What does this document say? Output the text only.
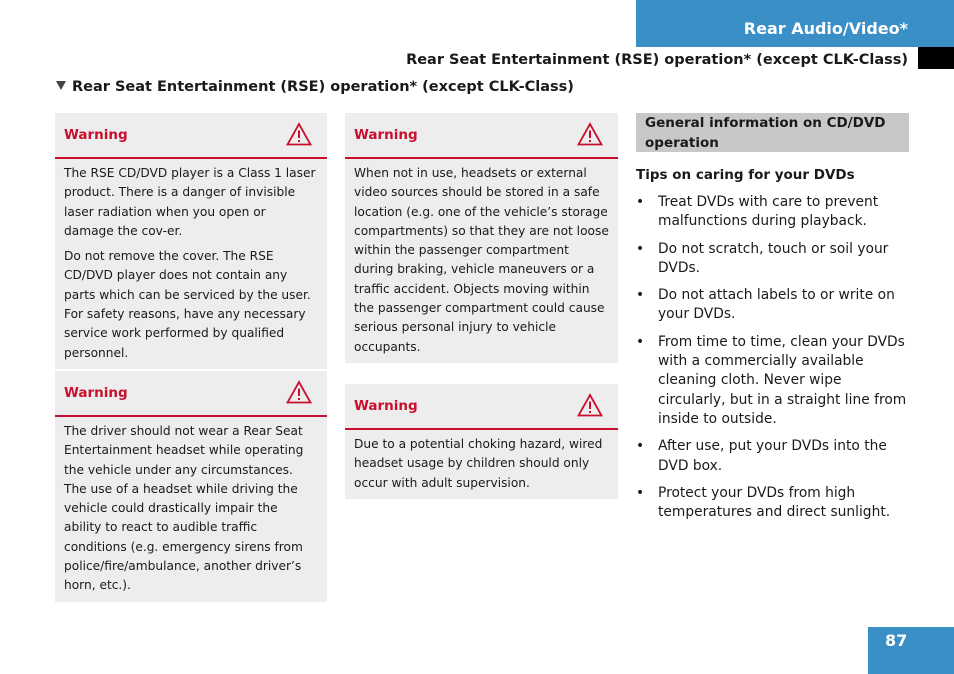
Rear Audio/Video*
Rear Seat Entertainment (RSE) operation* (except CLK-Class)
Rear Seat Entertainment (RSE) operation* (except CLK-Class)
Warning

The RSE CD/DVD player is a Class 1 laser product. There is a danger of invisible laser radiation when you open or damage the cov-er.

Do not remove the cover. The RSE CD/DVD player does not contain any parts which can be serviced by the user. For safety reasons, have any necessary service work performed by qualified personnel.

Warning

The driver should not wear a Rear Seat Entertainment headset while operating the vehicle under any circumstances. The use of a headset while driving the vehicle could drastically impair the ability to react to audible traffic conditions (e.g. emergency sirens from police/fire/ambulance, another driver’s horn, etc.).

Warning

When not in use, headsets or external video sources should be stored in a safe location (e.g. one of the vehicle’s storage compartments) so that they are not loose within the passenger compartment during braking, vehicle maneuvers or a traffic accident. Objects moving within the passenger compartment could cause serious personal injury to vehicle occupants.

Warning

Due to a potential choking hazard, wired headset usage by children should only occur with adult supervision.

General information on CD/DVD operation
Tips on caring for your DVDs
• Treat DVDs with care to prevent malfunctions during playback.
• Do not scratch, touch or soil your DVDs.
• Do not attach labels to or write on your DVDs.
• From time to time, clean your DVDs with a commercially available cleaning cloth. Never wipe circularly, but in a straight line from inside to outside.
• After use, put your DVDs into the DVD box.
• Protect your DVDs from high temperatures and direct sunlight.
87
